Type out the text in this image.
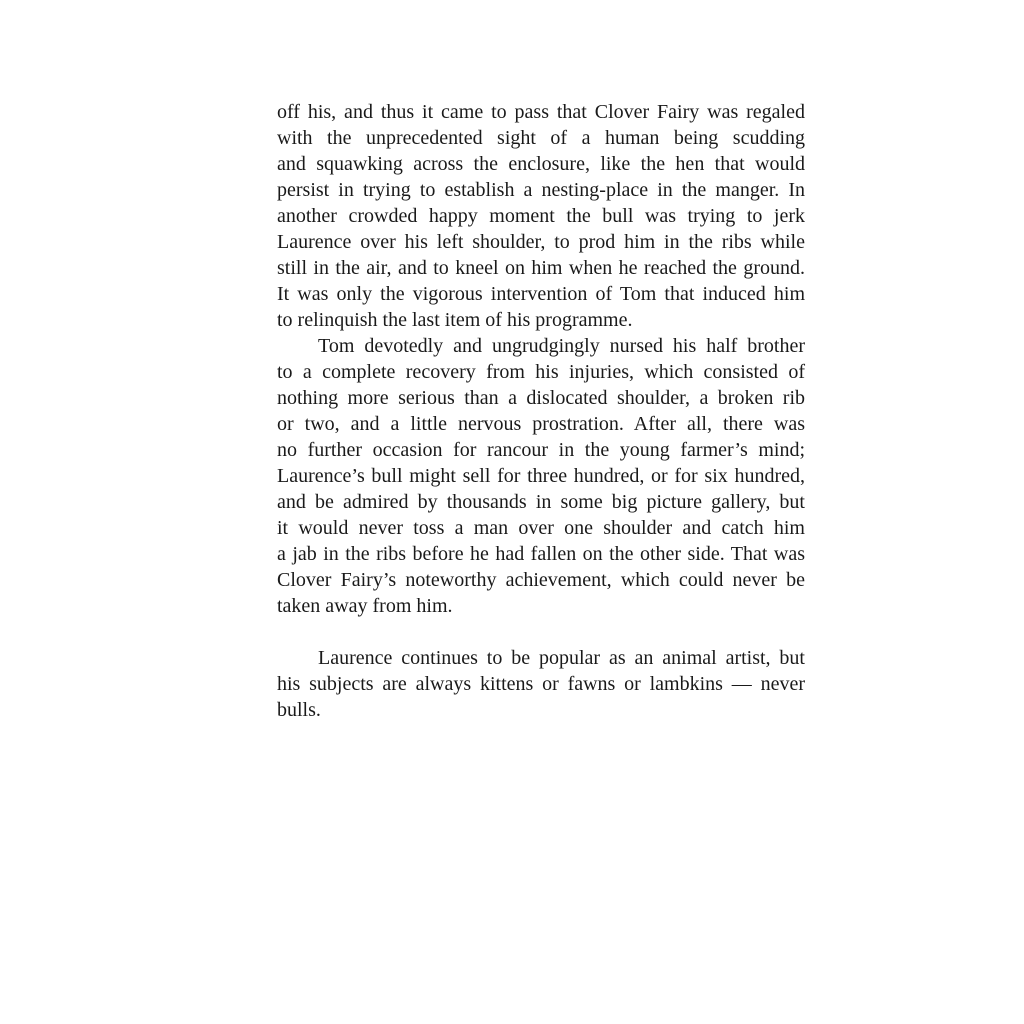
off his, and thus it came to pass that Clover Fairy was regaled
with the unprecedented sight of a human being scudding
and squawking across the enclosure, like the hen that would
persist in trying to establish a nesting-place in the manger. In
another crowded happy moment the bull was trying to jerk
Laurence over his left shoulder, to prod him in the ribs while
still in the air, and to kneel on him when he reached the ground.
It was only the vigorous intervention of Tom that induced him
to relinquish the last item of his programme.
Tom devotedly and ungrudgingly nursed his half brother
to a complete recovery from his injuries, which consisted of
nothing more serious than a dislocated shoulder, a broken rib
or two, and a little nervous prostration. After all, there was
no further occasion for rancour in the young farmer’s mind;
Laurence’s bull might sell for three hundred, or for six hundred,
and be admired by thousands in some big picture gallery, but
it would never toss a man over one shoulder and catch him
a jab in the ribs before he had fallen on the other side. That was
Clover Fairy’s noteworthy achievement, which could never be
taken away from him.
Laurence continues to be popular as an animal artist, but
his subjects are always kittens or fawns or lambkins — never
bulls.
